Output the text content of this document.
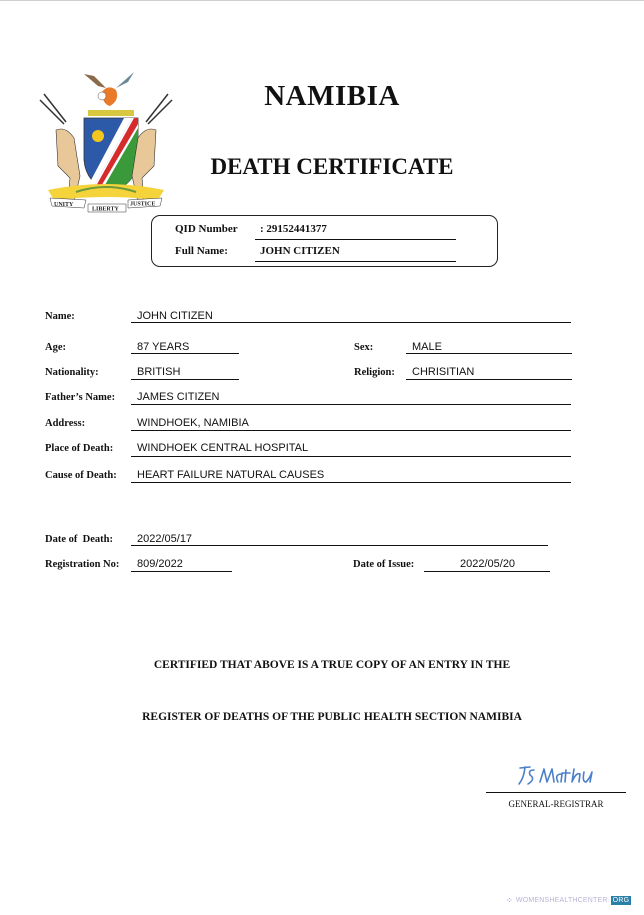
UNITY
LIBERTY
JUSTICE
NAMIBIA
DEATH CERTIFICATE
QID Number : 29152441377
Full Name:	JOHN CITIZEN
Name:	JOHN CITIZEN
Age:	87 YEARS	Sex:	MALE
Nationality:	BRITISH	Religion: CHRISITIAN
Father’s Name: JAMES CITIZEN
Address:	WINDHOEK, NAMIBIA
Place of Death: WINDHOEK CENTRAL HOSPITAL
Cause of Death: HEART FAILURE NATURAL CAUSES
Date of  Death: 2022/05/17
Registration No: 809/2022	Date of Issue:	2022/05/20
CERTIFIED THAT ABOVE IS A TRUE COPY OF AN ENTRY IN THE
REGISTER OF DEATHS OF THE PUBLIC HEALTH SECTION NAMIBIA
GENERAL-REGISTRAR
⁘ WOMENSHEALTHCENTER ORG
